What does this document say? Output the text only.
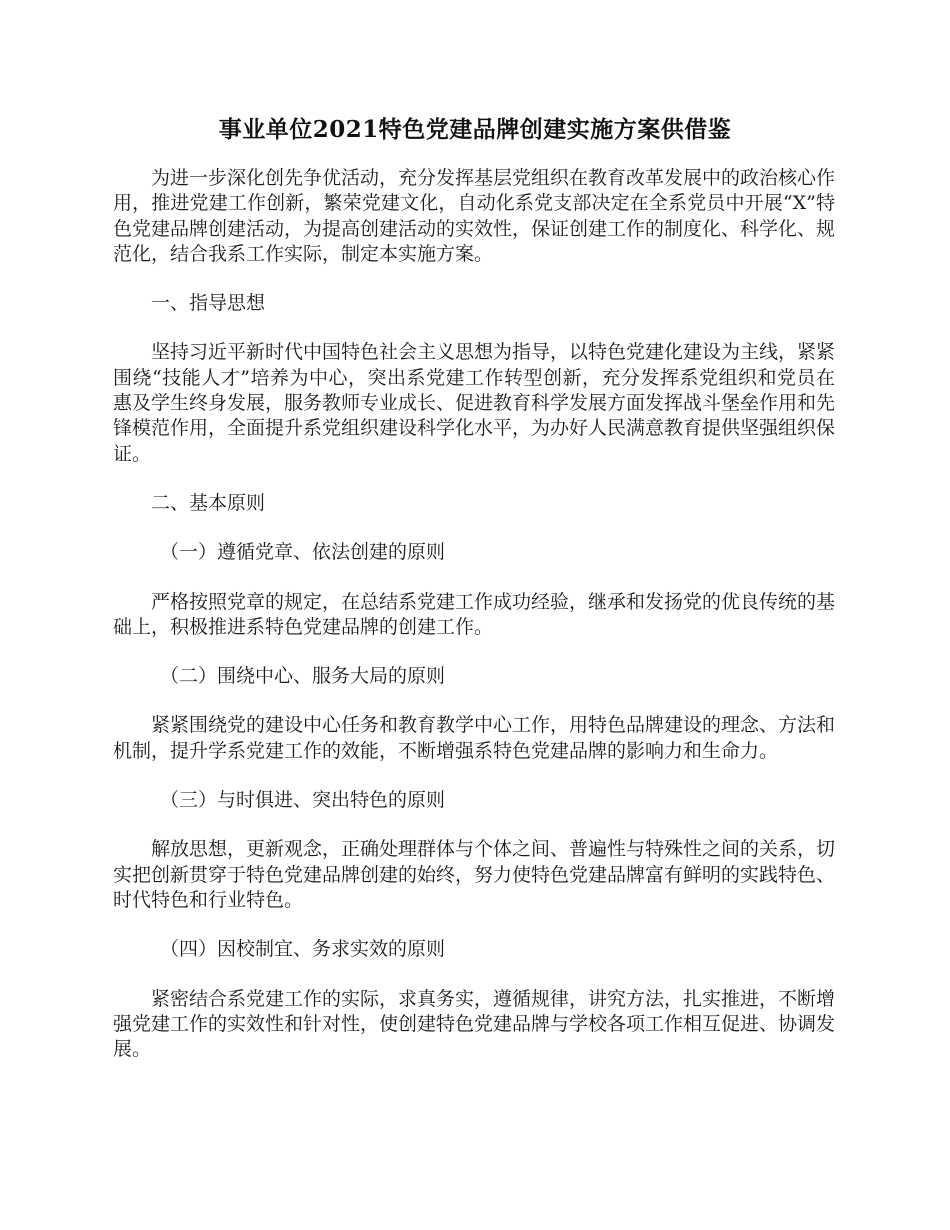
事业单位2021特色党建品牌创建实施方案供借鉴

为进一步深化创先争优活动，充分发挥基层党组织在教育改革发展中的政治核心作用，推进党建工作创新，繁荣党建文化，自动化系党支部决定在全系党员中开展“X”特色党建品牌创建活动，为提高创建活动的实效性，保证创建工作的制度化、科学化、规范化，结合我系工作实际，制定本实施方案。

一、指导思想

坚持习近平新时代中国特色社会主义思想为指导，以特色党建化建设为主线，紧紧围绕“技能人才”培养为中心，突出系党建工作转型创新，充分发挥系党组织和党员在惠及学生终身发展，服务教师专业成长、促进教育科学发展方面发挥战斗堡垒作用和先锋模范作用，全面提升系党组织建设科学化水平，为办好人民满意教育提供坚强组织保证。

二、基本原则

（一）遵循党章、依法创建的原则

严格按照党章的规定，在总结系党建工作成功经验，继承和发扬党的优良传统的基础上，积极推进系特色党建品牌的创建工作。

（二）围绕中心、服务大局的原则

紧紧围绕党的建设中心任务和教育教学中心工作，用特色品牌建设的理念、方法和机制，提升学系党建工作的效能，不断增强系特色党建品牌的影响力和生命力。

（三）与时俱进、突出特色的原则

解放思想，更新观念，正确处理群体与个体之间、普遍性与特殊性之间的关系，切实把创新贯穿于特色党建品牌创建的始终，努力使特色党建品牌富有鲜明的实践特色、时代特色和行业特色。

（四）因校制宜、务求实效的原则

紧密结合系党建工作的实际，求真务实，遵循规律，讲究方法，扎实推进，不断增强党建工作的实效性和针对性，使创建特色党建品牌与学校各项工作相互促进、协调发展。
